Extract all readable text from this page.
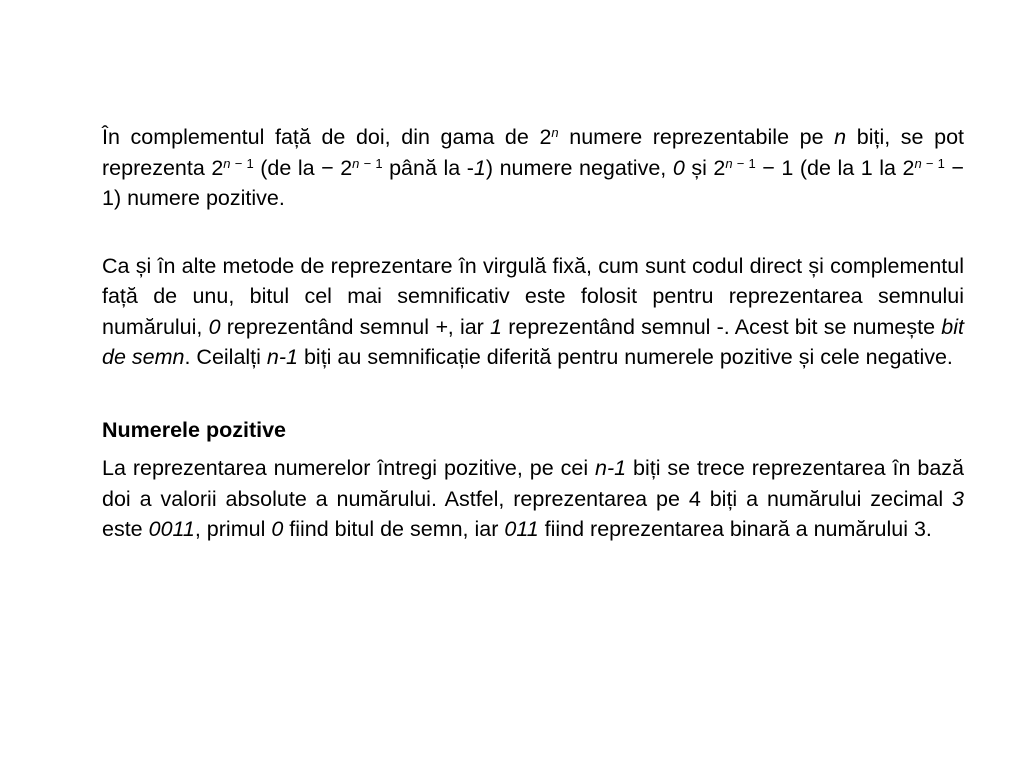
În complementul față de doi, din gama de 2$^n$ numere reprezentabile pe n biți, se pot reprezenta $2^{n - 1}$ (de la − $2^{n - 1}$ până la -1) numere negative, 0 și $2^{n - 1} - 1$ (de la 1 la $2^{n - 1} - 1$) numere pozitive.

Ca și în alte metode de reprezentare în virgulă fixă, cum sunt codul direct și complementul față de unu, bitul cel mai semnificativ este folosit pentru reprezentarea semnului numărului, 0 reprezentând semnul +, iar 1 reprezentând semnul -. Acest bit se numește bit de semn. Ceilalți n-1 biți au semnificație diferită pentru numerele pozitive și cele negative.

Numerele pozitive

La reprezentarea numerelor întregi pozitive, pe cei n-1 biți se trece reprezentarea în bază doi a valorii absolute a numărului. Astfel, reprezentarea pe 4 biți a numărului zecimal 3 este 0011, primul 0 fiind bitul de semn, iar 011 fiind reprezentarea binară a numărului 3.
